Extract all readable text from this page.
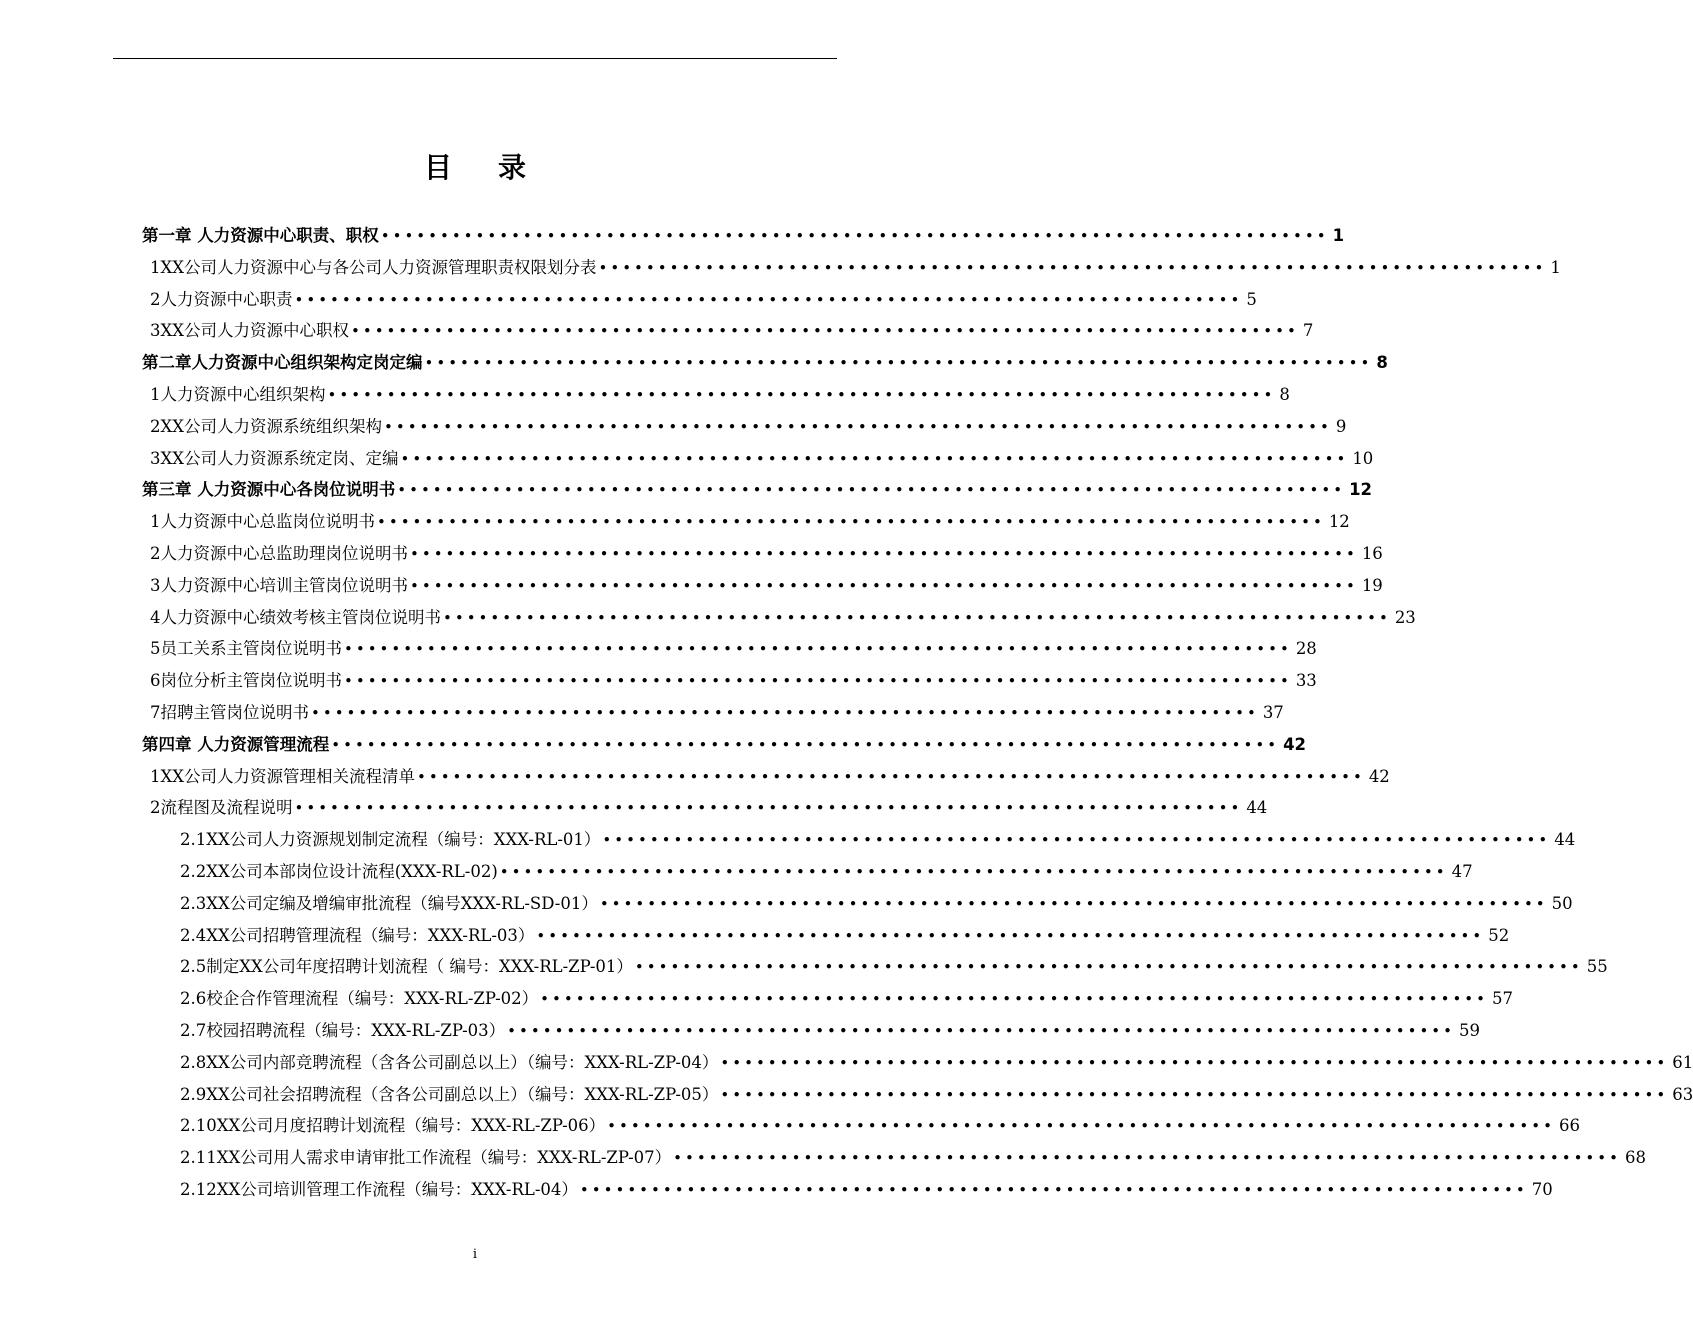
目录
第一章 人力资源中心职责、职权 •••••••••••••••••••••••••••••••••••••••••••••••••••••••••••••••••••••••••••••••• 1
1XX公司人力资源中心与各公司人力资源管理职责权限划分表 •••••••••••••••••••••••••••••••••••••••••••••••••••••••••••••••••••••••••••••••• 1
2人力资源中心职责 •••••••••••••••••••••••••••••••••••••••••••••••••••••••••••••••••••••••••••••••• 5
3XX公司人力资源中心职权 •••••••••••••••••••••••••••••••••••••••••••••••••••••••••••••••••••••••••••••••• 7
第二章人力资源中心组织架构定岗定编 •••••••••••••••••••••••••••••••••••••••••••••••••••••••••••••••••••••••••••••••• 8
1人力资源中心组织架构 •••••••••••••••••••••••••••••••••••••••••••••••••••••••••••••••••••••••••••••••• 8
2XX公司人力资源系统组织架构 •••••••••••••••••••••••••••••••••••••••••••••••••••••••••••••••••••••••••••••••• 9
3XX公司人力资源系统定岗、定编 •••••••••••••••••••••••••••••••••••••••••••••••••••••••••••••••••••••••••••••••• 10
第三章 人力资源中心各岗位说明书 •••••••••••••••••••••••••••••••••••••••••••••••••••••••••••••••••••••••••••••••• 12
1人力资源中心总监岗位说明书 •••••••••••••••••••••••••••••••••••••••••••••••••••••••••••••••••••••••••••••••• 12
2人力资源中心总监助理岗位说明书 •••••••••••••••••••••••••••••••••••••••••••••••••••••••••••••••••••••••••••••••• 16
3人力资源中心培训主管岗位说明书 •••••••••••••••••••••••••••••••••••••••••••••••••••••••••••••••••••••••••••••••• 19
4人力资源中心绩效考核主管岗位说明书 •••••••••••••••••••••••••••••••••••••••••••••••••••••••••••••••••••••••••••••••• 23
5员工关系主管岗位说明书 •••••••••••••••••••••••••••••••••••••••••••••••••••••••••••••••••••••••••••••••• 28
6岗位分析主管岗位说明书 •••••••••••••••••••••••••••••••••••••••••••••••••••••••••••••••••••••••••••••••• 33
7招聘主管岗位说明书 •••••••••••••••••••••••••••••••••••••••••••••••••••••••••••••••••••••••••••••••• 37
第四章 人力资源管理流程 •••••••••••••••••••••••••••••••••••••••••••••••••••••••••••••••••••••••••••••••• 42
1XX公司人力资源管理相关流程清单 •••••••••••••••••••••••••••••••••••••••••••••••••••••••••••••••••••••••••••••••• 42
2流程图及流程说明 •••••••••••••••••••••••••••••••••••••••••••••••••••••••••••••••••••••••••••••••• 44
2.1XX公司人力资源规划制定流程（编号：XXX-RL-01） •••••••••••••••••••••••••••••••••••••••••••••••••••••••••••••••••••••••••••••••• 44
2.2XX公司本部岗位设计流程(XXX-RL-02) •••••••••••••••••••••••••••••••••••••••••••••••••••••••••••••••••••••••••••••••• 47
2.3XX公司定编及增编审批流程（编号XXX-RL-SD-01） •••••••••••••••••••••••••••••••••••••••••••••••••••••••••••••••••••••••••••••••• 50
2.4XX公司招聘管理流程（编号：XXX-RL-03） •••••••••••••••••••••••••••••••••••••••••••••••••••••••••••••••••••••••••••••••• 52
2.5制定XX公司年度招聘计划流程（ 编号：XXX-RL-ZP-01） •••••••••••••••••••••••••••••••••••••••••••••••••••••••••••••••••••••••••••••••• 55
2.6校企合作管理流程（编号：XXX-RL-ZP-02） •••••••••••••••••••••••••••••••••••••••••••••••••••••••••••••••••••••••••••••••• 57
2.7校园招聘流程（编号：XXX-RL-ZP-03） •••••••••••••••••••••••••••••••••••••••••••••••••••••••••••••••••••••••••••••••• 59
2.8XX公司内部竞聘流程（含各公司副总以上）（编号：XXX-RL-ZP-04） •••••••••••••••••••••••••••••••••••••••••••••••••••••••••••••••••••••••••••••••• 61
2.9XX公司社会招聘流程（含各公司副总以上）（编号：XXX-RL-ZP-05） •••••••••••••••••••••••••••••••••••••••••••••••••••••••••••••••••••••••••••••••• 63
2.10XX公司月度招聘计划流程（编号：XXX-RL-ZP-06） •••••••••••••••••••••••••••••••••••••••••••••••••••••••••••••••••••••••••••••••• 66
2.11XX公司用人需求申请审批工作流程（编号：XXX-RL-ZP-07） •••••••••••••••••••••••••••••••••••••••••••••••••••••••••••••••••••••••••••••••• 68
2.12XX公司培训管理工作流程（编号：XXX-RL-04） •••••••••••••••••••••••••••••••••••••••••••••••••••••••••••••••••••••••••••••••• 70
i
